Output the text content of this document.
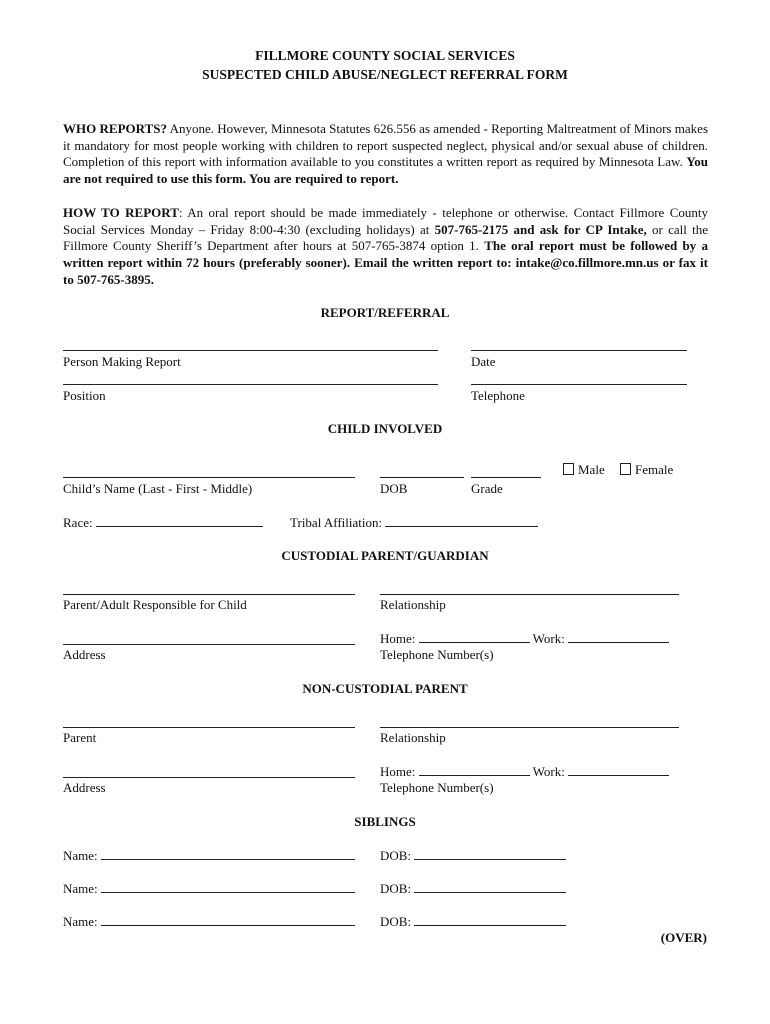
FILLMORE COUNTY SOCIAL SERVICES
SUSPECTED CHILD ABUSE/NEGLECT REFERRAL FORM
WHO REPORTS? Anyone. However, Minnesota Statutes 626.556 as amended - Reporting Maltreatment of Minors makes it mandatory for most people working with children to report suspected neglect, physical and/or sexual abuse of children. Completion of this report with information available to you constitutes a written report as required by Minnesota Law. You are not required to use this form. You are required to report.
HOW TO REPORT: An oral report should be made immediately - telephone or otherwise. Contact Fillmore County Social Services Monday – Friday 8:00-4:30 (excluding holidays) at 507-765-2175 and ask for CP Intake, or call the Fillmore County Sheriff’s Department after hours at 507-765-3874 option 1. The oral report must be followed by a written report within 72 hours (preferably sooner). Email the written report to: intake@co.fillmore.mn.us or fax it to 507-765-3895.
REPORT/REFERRAL
Person Making Report	Date
Position	Telephone
CHILD INVOLVED
Male	Female
Child’s Name (Last - First - Middle)	DOB	Grade
Race:	Tribal Affiliation:
CUSTODIAL PARENT/GUARDIAN
Parent/Adult Responsible for Child	Relationship
Home:	Work:
Address	Telephone Number(s)
NON-CUSTODIAL PARENT
Parent	Relationship
Home:	Work:
Address	Telephone Number(s)
SIBLINGS
Name:	DOB:
Name:	DOB:
Name:	DOB:
(OVER)
